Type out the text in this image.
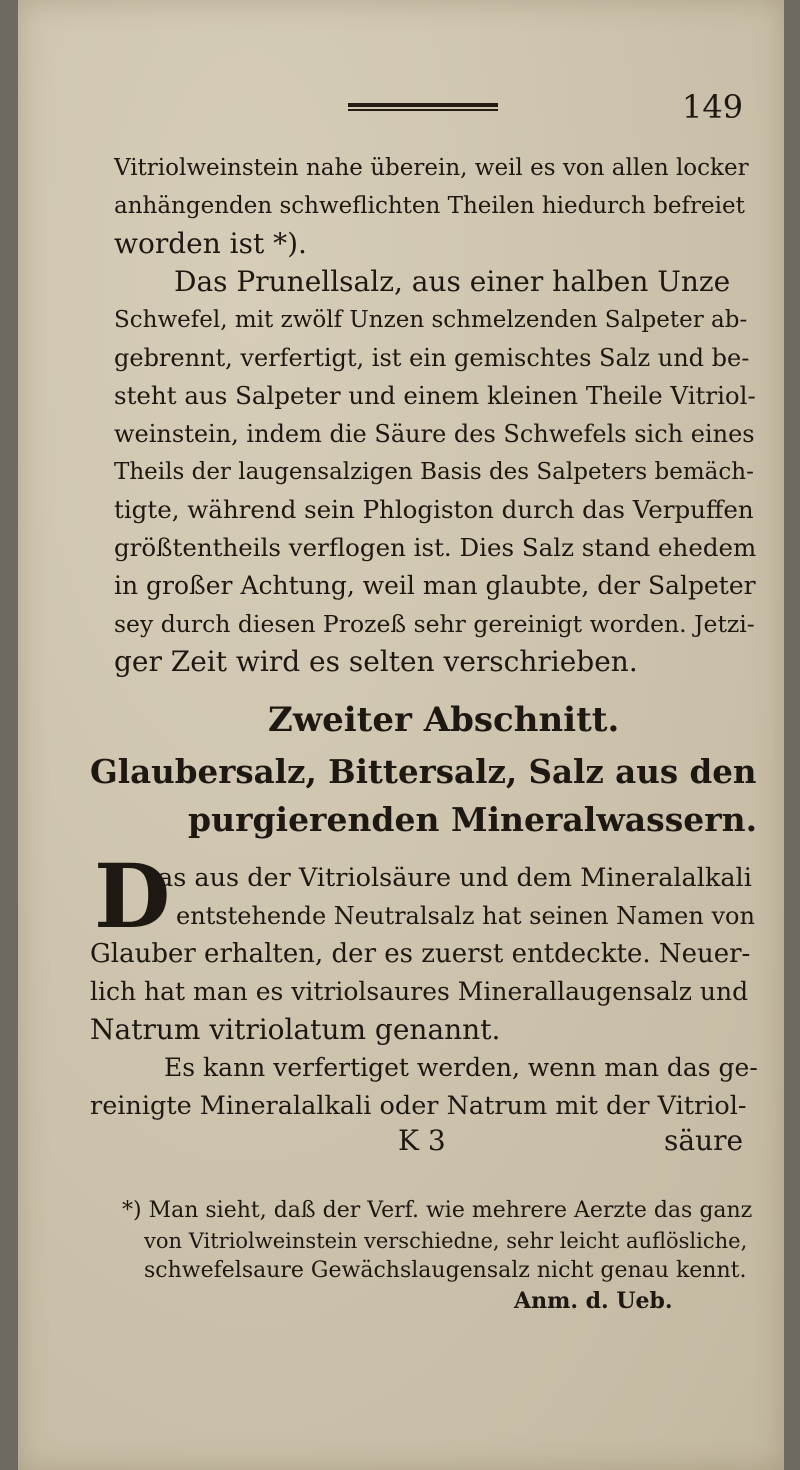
149
Vitriolweinstein nahe überein, weil es von allen locker
anhängenden schweflichten Theilen hiedurch befreiet
worden ist *).
Das Prunellsalz, aus einer halben Unze
Schwefel, mit zwölf Unzen schmelzenden Salpeter ab-
gebrennt, verfertigt, ist ein gemischtes Salz und be-
steht aus Salpeter und einem kleinen Theile Vitriol-
weinstein, indem die Säure des Schwefels sich eines
Theils der laugensalzigen Basis des Salpeters bemäch-
tigte, während sein Phlogiston durch das Verpuffen
größtentheils verflogen ist. Dies Salz stand ehedem
in großer Achtung, weil man glaubte, der Salpeter
sey durch diesen Prozeß sehr gereinigt worden. Jetzi-
ger Zeit wird es selten verschrieben.
Zweiter Abschnitt.
Glaubersalz, Bittersalz, Salz aus den
purgierenden Mineralwassern.
D
as aus der Vitriolsäure und dem Mineralalkali
entstehende Neutralsalz hat seinen Namen von
Glauber erhalten, der es zuerst entdeckte. Neuer-
lich hat man es vitriolsaures Minerallaugensalz und
Natrum vitriolatum genannt.
Es kann verfertiget werden, wenn man das ge-
reinigte Mineralalkali oder Natrum mit der Vitriol-
K 3	säure
*) Man sieht, daß der Verf. wie mehrere Aerzte das ganz
von Vitriolweinstein verschiedne, sehr leicht auflösliche,
schwefelsaure Gewächslaugensalz nicht genau kennt.
Anm. d. Ueb.
